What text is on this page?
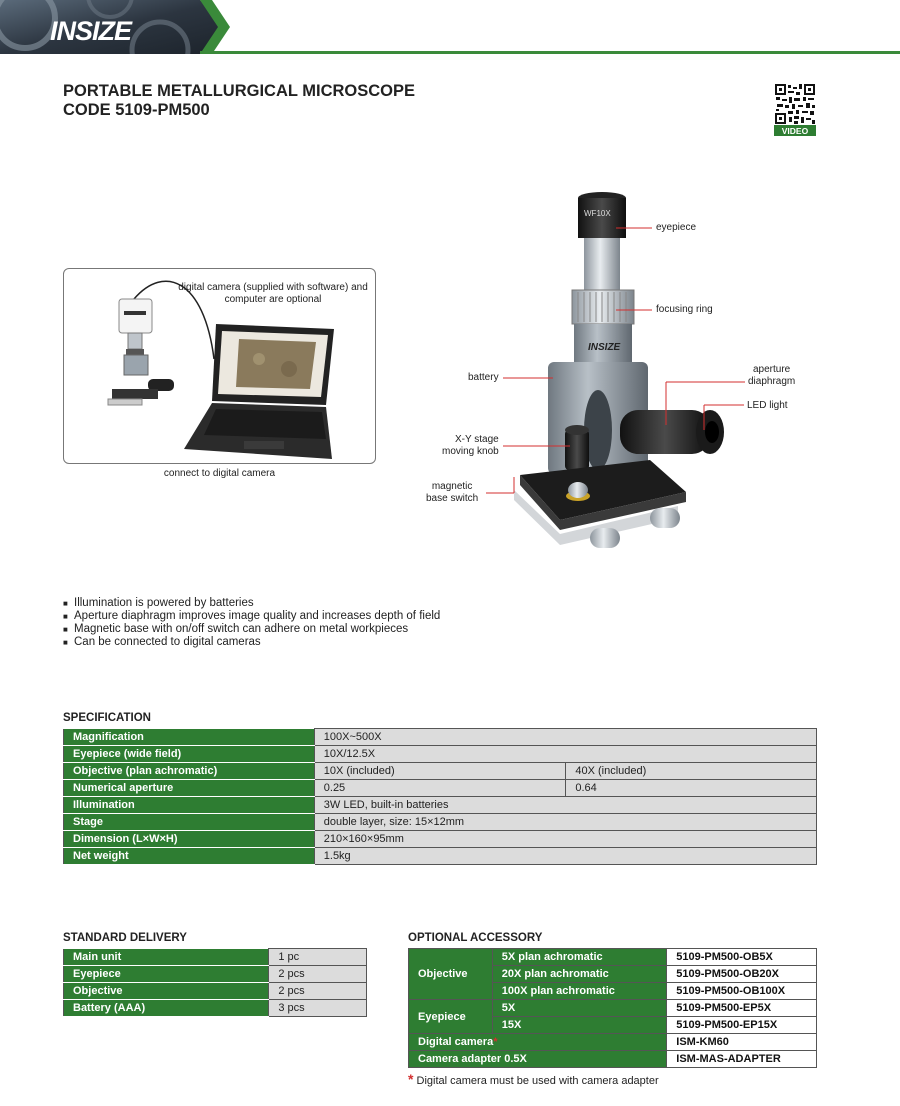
INSIZE
PORTABLE METALLURGICAL MICROSCOPE
CODE 5109-PM500
VIDEO
digital camera (supplied with software) and computer are optional
connect to digital camera
WF10X
INSIZE
eyepiece
focusing ring
battery
aperture
diaphragm
LED light
X-Y stage
moving knob
magnetic
base switch
■ Illumination is powered by batteries
■ Aperture diaphragm improves image quality and increases depth of field
■ Magnetic base with on/off switch can adhere on metal workpieces
■ Can be connected to digital cameras
SPECIFICATION
Magnification	100X~500X	
Eyepiece (wide field)	10X/12.5X	
Objective (plan achromatic)	10X (included)	40X (included)
Numerical aperture	0.25	0.64
Illumination	3W LED, built-in batteries	
Stage	double layer, size: 15×12mm	
Dimension (L×W×H)	210×160×95mm	
Net weight	1.5kg	
STANDARD DELIVERY
Main unit	1 pc
Eyepiece	2 pcs
Objective	2 pcs
Battery (AAA)	3 pcs
OPTIONAL ACCESSORY
Objective	5X plan achromatic	5109-PM500-OB5X
	20X plan achromatic	5109-PM500-OB20X
	100X plan achromatic	5109-PM500-OB100X
Eyepiece	5X	5109-PM500-EP5X
	15X	5109-PM500-EP15X
Digital camera*		ISM-KM60
Camera adapter 0.5X		ISM-MAS-ADAPTER
* Digital camera must be used with camera adapter
